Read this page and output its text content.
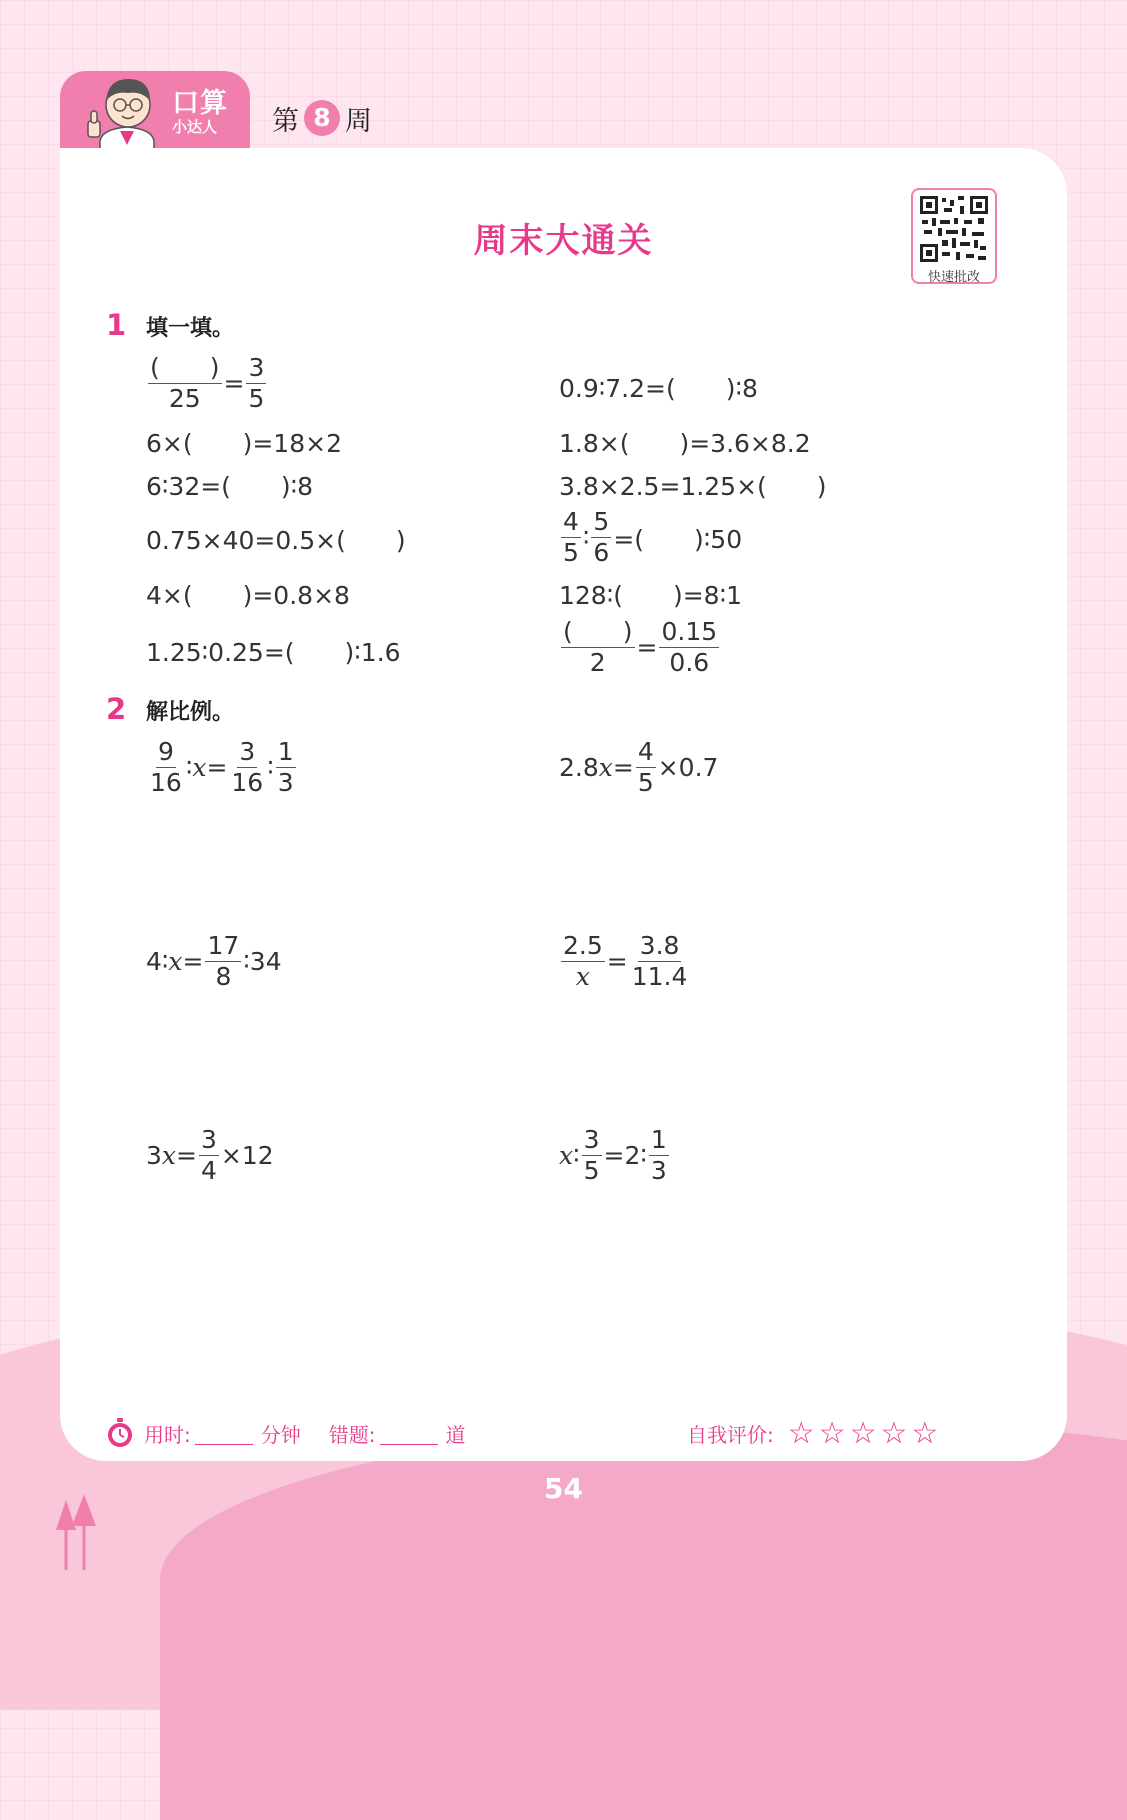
口算
小达人 第 8 周
周末大通关
快速批改
1 填一填。
$\frac{( )}{25} = \frac{3}{5}$	0.9∶7.2=(　　)∶8
6×(　　)=18×2	1.8×(　　)=3.6×8.2
6∶32=(　　)∶8	3.8×2.5=1.25×(　　)
0.75×40=0.5×(　　)	$\frac{4}{5}$ ∶ $\frac{5}{6}$ =(　　)∶50
4×(　　)=0.8×8	128∶(　　)=8∶1
1.25∶0.25=(　　)∶1.6	$\frac{( )}{2} = \frac{0.15}{0.6}$
2 解比例。
$\frac{9}{16}$ ∶ $x = \frac{3}{16}$ ∶ $\frac{1}{3}$	2.8 $x = \frac{4}{5} \times 0.7$
4∶ $x = \frac{17}{8}$ ∶34	$\frac{2.5}{x} = \frac{3.8}{11.4}$
3 $x = \frac{3}{4} \times 12$	x ∶ $\frac{3}{5}$ =2∶ $\frac{1}{3}$
用时:	分钟 错题:	道	自我评价: ☆ ☆ ☆ ☆ ☆
54
